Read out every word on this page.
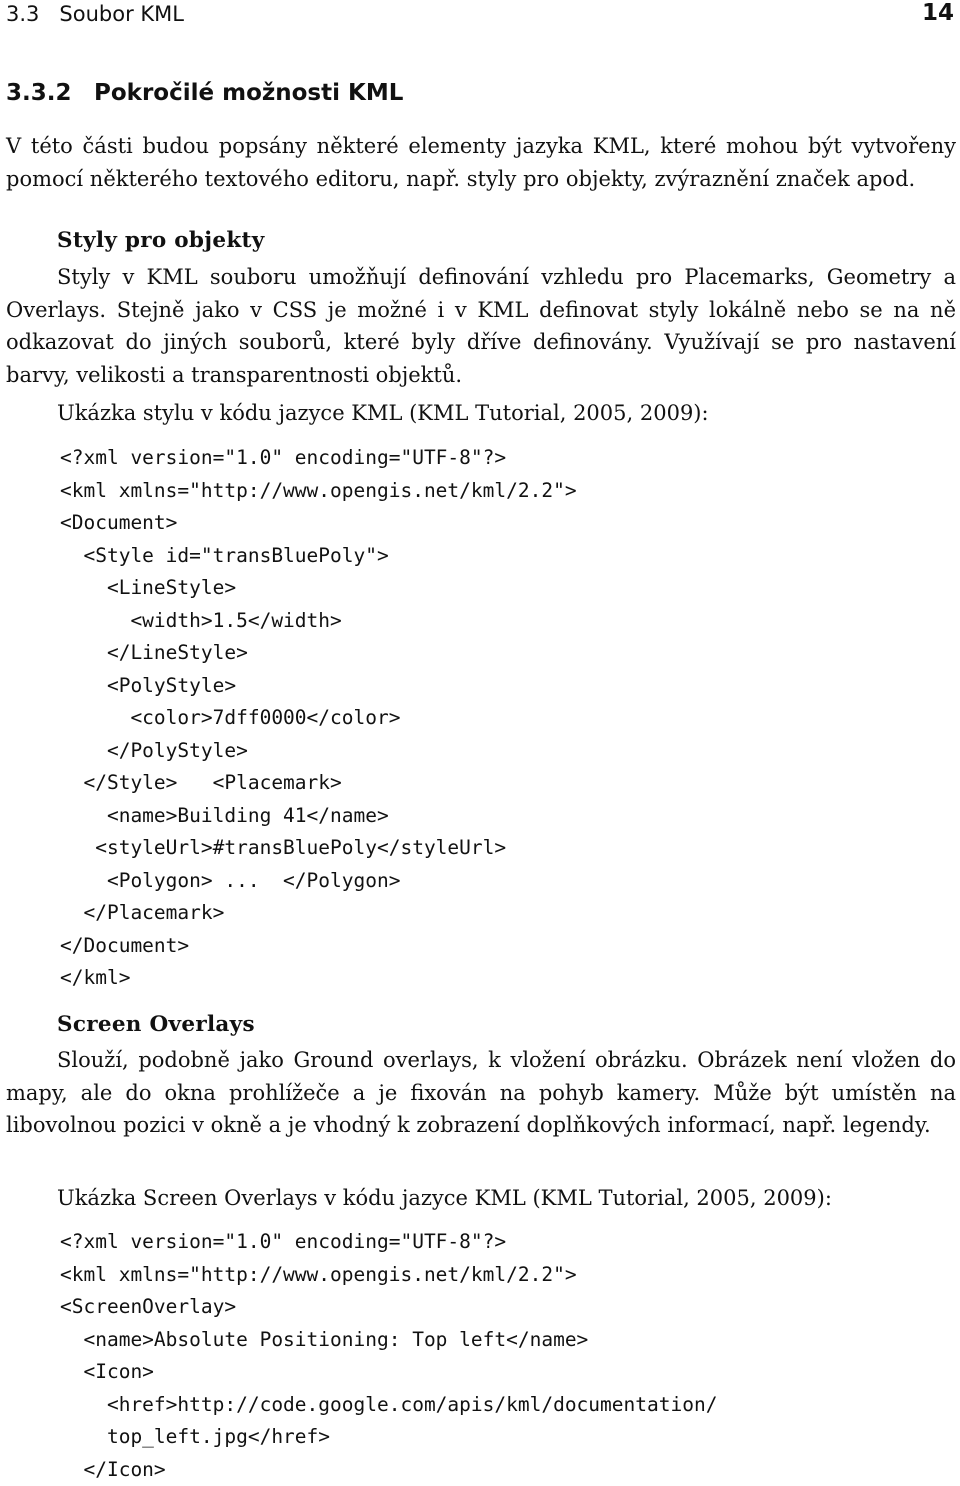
3.3   Soubor KML	14
3.3.2 Pokročilé možnosti KML
V této části budou popsány některé elementy jazyka KML, které mohou být vytvořeny pomocí některého textového editoru, např. styly pro objekty, zvýraznění značek apod.
Styly pro objekty
Styly v KML souboru umožňují definování vzhledu pro Placemarks, Geometry a Overlays. Stejně jako v CSS je možné i v KML definovat styly lokálně nebo se na ně odkazovat do jiných souborů, které byly dříve definovány. Využívají se pro nastavení barvy, velikosti a transparentnosti objektů.
Ukázka stylu v kódu jazyce KML (KML Tutorial, 2005, 2009):
<?xml version="1.0" encoding="UTF-8"?>
<kml xmlns="http://www.opengis.net/kml/2.2">
<Document>
<Style id="transBluePoly">
<LineStyle>
<width>1.5</width>
</LineStyle>
<PolyStyle>
<color>7dff0000</color>
</PolyStyle>
</Style>   <Placemark>
<name>Building 41</name>
<styleUrl>#transBluePoly</styleUrl>
<Polygon> ...  </Polygon>
</Placemark>
</Document>
</kml>
Screen Overlays
Slouží, podobně jako Ground overlays, k vložení obrázku. Obrázek není vložen do mapy, ale do okna prohlížeče a je fixován na pohyb kamery. Může být umístěn na libovolnou pozici v okně a je vhodný k zobrazení doplňkových informací, např. legendy.
Ukázka Screen Overlays v kódu jazyce KML (KML Tutorial, 2005, 2009):
<?xml version="1.0" encoding="UTF-8"?>
<kml xmlns="http://www.opengis.net/kml/2.2">
<ScreenOverlay>
<name>Absolute Positioning: Top left</name>
<Icon>
<href>http://code.google.com/apis/kml/documentation/
top_left.jpg</href>
</Icon>
